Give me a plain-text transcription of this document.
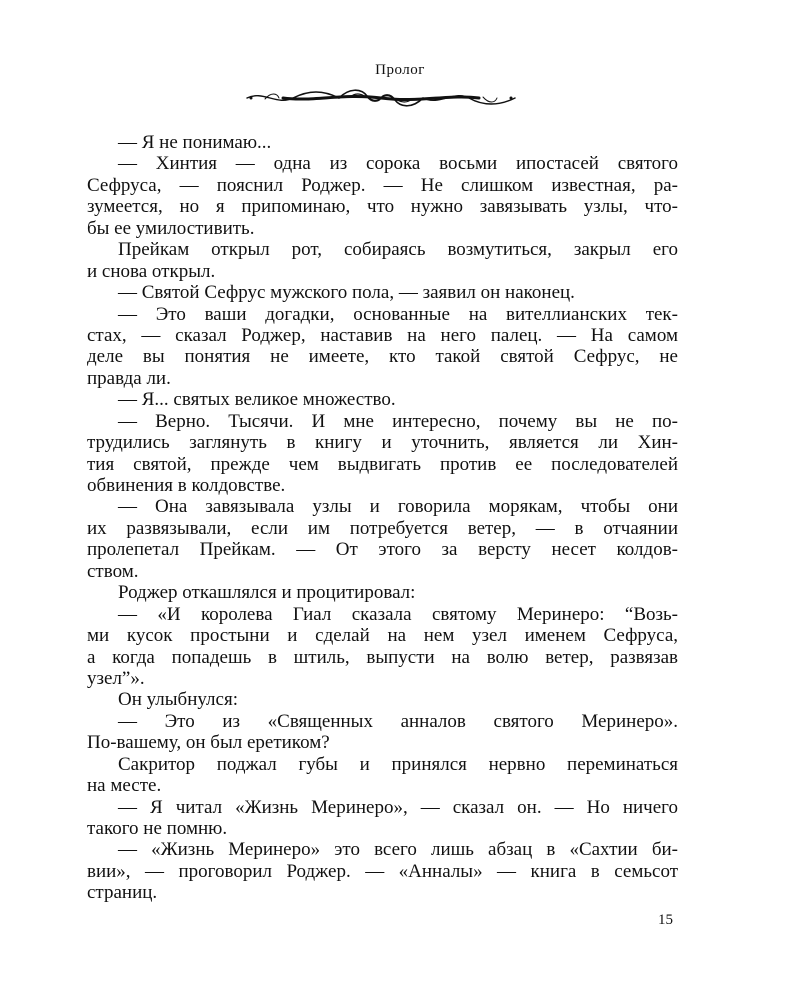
Пролог
— Я не понимаю...
— Хинтия — одна из сорока восьми ипостасей святого
Сефруса, — пояснил Роджер. — Не слишком известная, ра-
зумеется, но я припоминаю, что нужно завязывать узлы, что-
бы ее умилостивить.
Прейкам открыл рот, собираясь возмутиться, закрыл его
и снова открыл.
— Святой Сефрус мужского пола, — заявил он наконец.
— Это ваши догадки, основанные на вителлианских тек-
стах, — сказал Роджер, наставив на него палец. — На самом
деле вы понятия не имеете, кто такой святой Сефрус, не
правда ли.
— Я... святых великое множество.
— Верно. Тысячи. И мне интересно, почему вы не по-
трудились заглянуть в книгу и уточнить, является ли Хин-
тия святой, прежде чем выдвигать против ее последователей
обвинения в колдовстве.
— Она завязывала узлы и говорила морякам, чтобы они
их развязывали, если им потребуется ветер, — в отчаянии
пролепетал Прейкам. — От этого за версту несет колдов-
ством.
Роджер откашлялся и процитировал:
— «И королева Гиал сказала святому Меринеро: “Возь-
ми кусок простыни и сделай на нем узел именем Сефруса,
а когда попадешь в штиль, выпусти на волю ветер, развязав
узел”».
Он улыбнулся:
— Это из «Священных анналов святого Меринеро».
По-вашему, он был еретиком?
Сакритор поджал губы и принялся нервно переминаться
на месте.
— Я читал «Жизнь Меринеро», — сказал он. — Но ничего
такого не помню.
— «Жизнь Меринеро» это всего лишь абзац в «Сахтии би-
вии», — проговорил Роджер. — «Анналы» — книга в семьсот
страниц.
15
